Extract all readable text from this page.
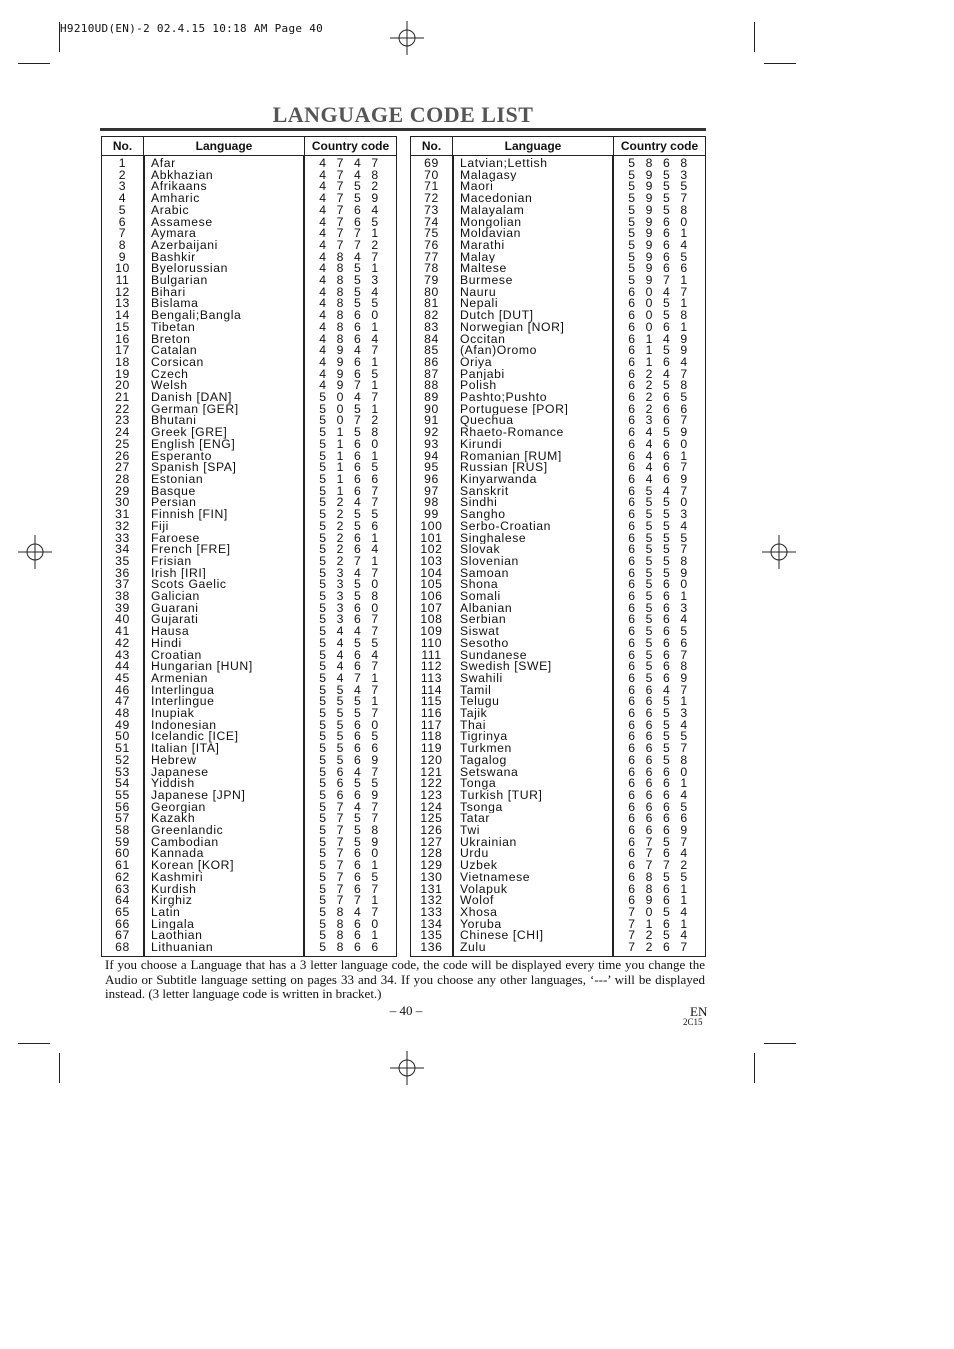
H9210UD(EN)-2 02.4.15 10:18 AM Page 40
LANGUAGE CODE LIST
No.	Language	Country code
1	Afar	4 7 4 7
2	Abkhazian	4 7 4 8
3	Afrikaans	4 7 5 2
4	Amharic	4 7 5 9
5	Arabic	4 7 6 4
6	Assamese	4 7 6 5
7	Aymara	4 7 7 1
8	Azerbaijani	4 7 7 2
9	Bashkir	4 8 4 7
10	Byelorussian	4 8 5 1
11	Bulgarian	4 8 5 3
12	Bihari	4 8 5 4
13	Bislama	4 8 5 5
14	Bengali;Bangla	4 8 6 0
15	Tibetan	4 8 6 1
16	Breton	4 8 6 4
17	Catalan	4 9 4 7
18	Corsican	4 9 6 1
19	Czech	4 9 6 5
20	Welsh	4 9 7 1
21	Danish [DAN]	5 0 4 7
22	German [GER]	5 0 5 1
23	Bhutani	5 0 7 2
24	Greek [GRE]	5 1 5 8
25	English [ENG]	5 1 6 0
26	Esperanto	5 1 6 1
27	Spanish [SPA]	5 1 6 5
28	Estonian	5 1 6 6
29	Basque	5 1 6 7
30	Persian	5 2 4 7
31	Finnish [FIN]	5 2 5 5
32	Fiji	5 2 5 6
33	Faroese	5 2 6 1
34	French [FRE]	5 2 6 4
35	Frisian	5 2 7 1
36	Irish [IRI]	5 3 4 7
37	Scots Gaelic	5 3 5 0
38	Galician	5 3 5 8
39	Guarani	5 3 6 0
40	Gujarati	5 3 6 7
41	Hausa	5 4 4 7
42	Hindi	5 4 5 5
43	Croatian	5 4 6 4
44	Hungarian [HUN]	5 4 6 7
45	Armenian	5 4 7 1
46	Interlingua	5 5 4 7
47	Interlingue	5 5 5 1
48	Inupiak	5 5 5 7
49	Indonesian	5 5 6 0
50	Icelandic [ICE]	5 5 6 5
51	Italian [ITA]	5 5 6 6
52	Hebrew	5 5 6 9
53	Japanese	5 6 4 7
54	Yiddish	5 6 5 5
55	Japanese [JPN]	5 6 6 9
56	Georgian	5 7 4 7
57	Kazakh	5 7 5 7
58	Greenlandic	5 7 5 8
59	Cambodian	5 7 5 9
60	Kannada	5 7 6 0
61	Korean [KOR]	5 7 6 1
62	Kashmiri	5 7 6 5
63	Kurdish	5 7 6 7
64	Kirghiz	5 7 7 1
65	Latin	5 8 4 7
66	Lingala	5 8 6 0
67	Laothian	5 8 6 1
68	Lithuanian	5 8 6 6
No.	Language	Country code
69	Latvian;Lettish	5 8 6 8
70	Malagasy	5 9 5 3
71	Maori	5 9 5 5
72	Macedonian	5 9 5 7
73	Malayalam	5 9 5 8
74	Mongolian	5 9 6 0
75	Moldavian	5 9 6 1
76	Marathi	5 9 6 4
77	Malay	5 9 6 5
78	Maltese	5 9 6 6
79	Burmese	5 9 7 1
80	Nauru	6 0 4 7
81	Nepali	6 0 5 1
82	Dutch [DUT]	6 0 5 8
83	Norwegian [NOR]	6 0 6 1
84	Occitan	6 1 4 9
85	(Afan)Oromo	6 1 5 9
86	Oriya	6 1 6 4
87	Panjabi	6 2 4 7
88	Polish	6 2 5 8
89	Pashto;Pushto	6 2 6 5
90	Portuguese [POR]	6 2 6 6
91	Quechua	6 3 6 7
92	Rhaeto-Romance	6 4 5 9
93	Kirundi	6 4 6 0
94	Romanian [RUM]	6 4 6 1
95	Russian [RUS]	6 4 6 7
96	Kinyarwanda	6 4 6 9
97	Sanskrit	6 5 4 7
98	Sindhi	6 5 5 0
99	Sangho	6 5 5 3
100	Serbo-Croatian	6 5 5 4
101	Singhalese	6 5 5 5
102	Slovak	6 5 5 7
103	Slovenian	6 5 5 8
104	Samoan	6 5 5 9
105	Shona	6 5 6 0
106	Somali	6 5 6 1
107	Albanian	6 5 6 3
108	Serbian	6 5 6 4
109	Siswat	6 5 6 5
110	Sesotho	6 5 6 6
111	Sundanese	6 5 6 7
112	Swedish [SWE]	6 5 6 8
113	Swahili	6 5 6 9
114	Tamil	6 6 4 7
115	Telugu	6 6 5 1
116	Tajik	6 6 5 3
117	Thai	6 6 5 4
118	Tigrinya	6 6 5 5
119	Turkmen	6 6 5 7
120	Tagalog	6 6 5 8
121	Setswana	6 6 6 0
122	Tonga	6 6 6 1
123	Turkish [TUR]	6 6 6 4
124	Tsonga	6 6 6 5
125	Tatar	6 6 6 6
126	Twi	6 6 6 9
127	Ukrainian	6 7 5 7
128	Urdu	6 7 6 4
129	Uzbek	6 7 7 2
130	Vietnamese	6 8 5 5
131	Volapuk	6 8 6 1
132	Wolof	6 9 6 1
133	Xhosa	7 0 5 4
134	Yoruba	7 1 6 1
135	Chinese [CHI]	7 2 5 4
136	Zulu	7 2 6 7
If you choose a Language that has a 3 letter language code, the code will be displayed every time you change the Audio or Subtitle language setting on pages 33 and 34. If you choose any other languages, ‘---’ will be displayed instead. (3 letter language code is written in bracket.)
– 40 –	EN
2C15
